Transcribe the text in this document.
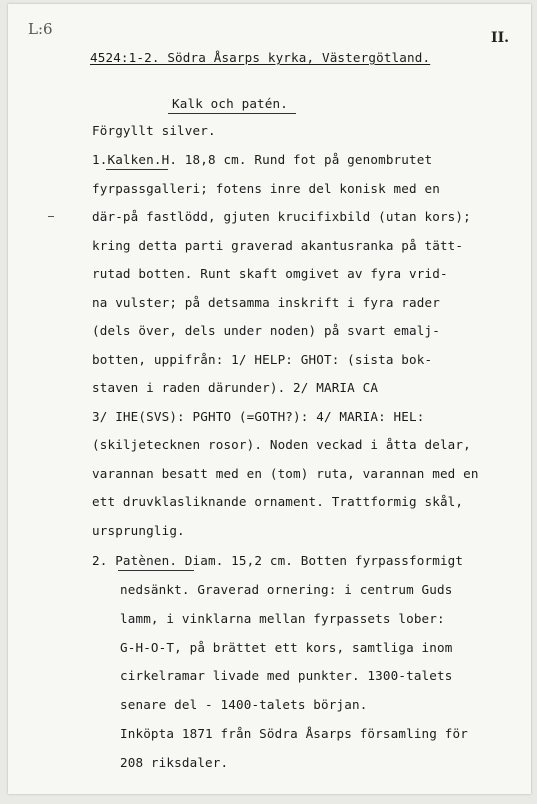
L:6	II.
4524:1-2. Södra Åsarps kyrka, Västergötland.
Kalk och patén.
Förgyllt silver.
1.Kalken.H. 18,8 cm. Rund fot på genombrutet
fyrpassgalleri; fotens inre del konisk med en
där-på fastlödd, gjuten krucifixbild (utan kors);
kring detta parti graverad akantusranka på tätt-
rutad botten. Runt skaft omgivet av fyra vrid-
na vulster; på detsamma inskrift i fyra rader
(dels över, dels under noden) på svart emalj-
botten, uppifrån: 1/ HELP: GHOT: (sista bok-
staven i raden därunder). 2/ MARIA CA
3/ IHE(SVS): PGHTO (=GOTH?): 4/ MARIA: HEL:
(skiljetecknen rosor). Noden veckad i åtta delar,
varannan besatt med en (tom) ruta, varannan med en
ett druvklasliknande ornament. Trattformig skål,
ursprunglig.
2. Patènen. Diam. 15,2 cm. Botten fyrpassformigt
nedsänkt. Graverad ornering: i centrum Guds
lamm, i vinklarna mellan fyrpassets lober:
G-H-O-T, på brättet ett kors, samtliga inom
cirkelramar livade med punkter. 1300-talets
senare del - 1400-talets början.
Inköpta 1871 från Södra Åsarps församling för
208 riksdaler.
